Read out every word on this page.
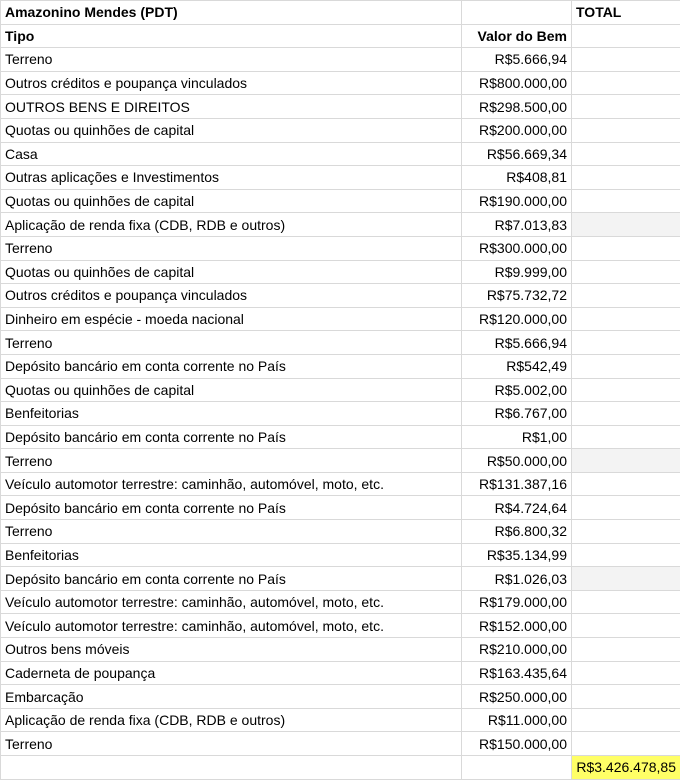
Amazonino Mendes (PDT)		TOTAL
Tipo	Valor do Bem	
Terreno	R$5.666,94	
Outros créditos e poupança vinculados	R$800.000,00	
OUTROS BENS E DIREITOS	R$298.500,00	
Quotas ou quinhões de capital	R$200.000,00	
Casa	R$56.669,34	
Outras aplicações e Investimentos	R$408,81	
Quotas ou quinhões de capital	R$190.000,00	
Aplicação de renda fixa (CDB, RDB e outros)	R$7.013,83	
Terreno	R$300.000,00	
Quotas ou quinhões de capital	R$9.999,00	
Outros créditos e poupança vinculados	R$75.732,72	
Dinheiro em espécie - moeda nacional	R$120.000,00	
Terreno	R$5.666,94	
Depósito bancário em conta corrente no País	R$542,49	
Quotas ou quinhões de capital	R$5.002,00	
Benfeitorias	R$6.767,00	
Depósito bancário em conta corrente no País	R$1,00	
Terreno	R$50.000,00	
Veículo automotor terrestre: caminhão, automóvel, moto, etc.	R$131.387,16	
Depósito bancário em conta corrente no País	R$4.724,64	
Terreno	R$6.800,32	
Benfeitorias	R$35.134,99	
Depósito bancário em conta corrente no País	R$1.026,03	
Veículo automotor terrestre: caminhão, automóvel, moto, etc.	R$179.000,00	
Veículo automotor terrestre: caminhão, automóvel, moto, etc.	R$152.000,00	
Outros bens móveis	R$210.000,00	
Caderneta de poupança	R$163.435,64	
Embarcação	R$250.000,00	
Aplicação de renda fixa (CDB, RDB e outros)	R$11.000,00	
Terreno	R$150.000,00	
		R$3.426.478,85
